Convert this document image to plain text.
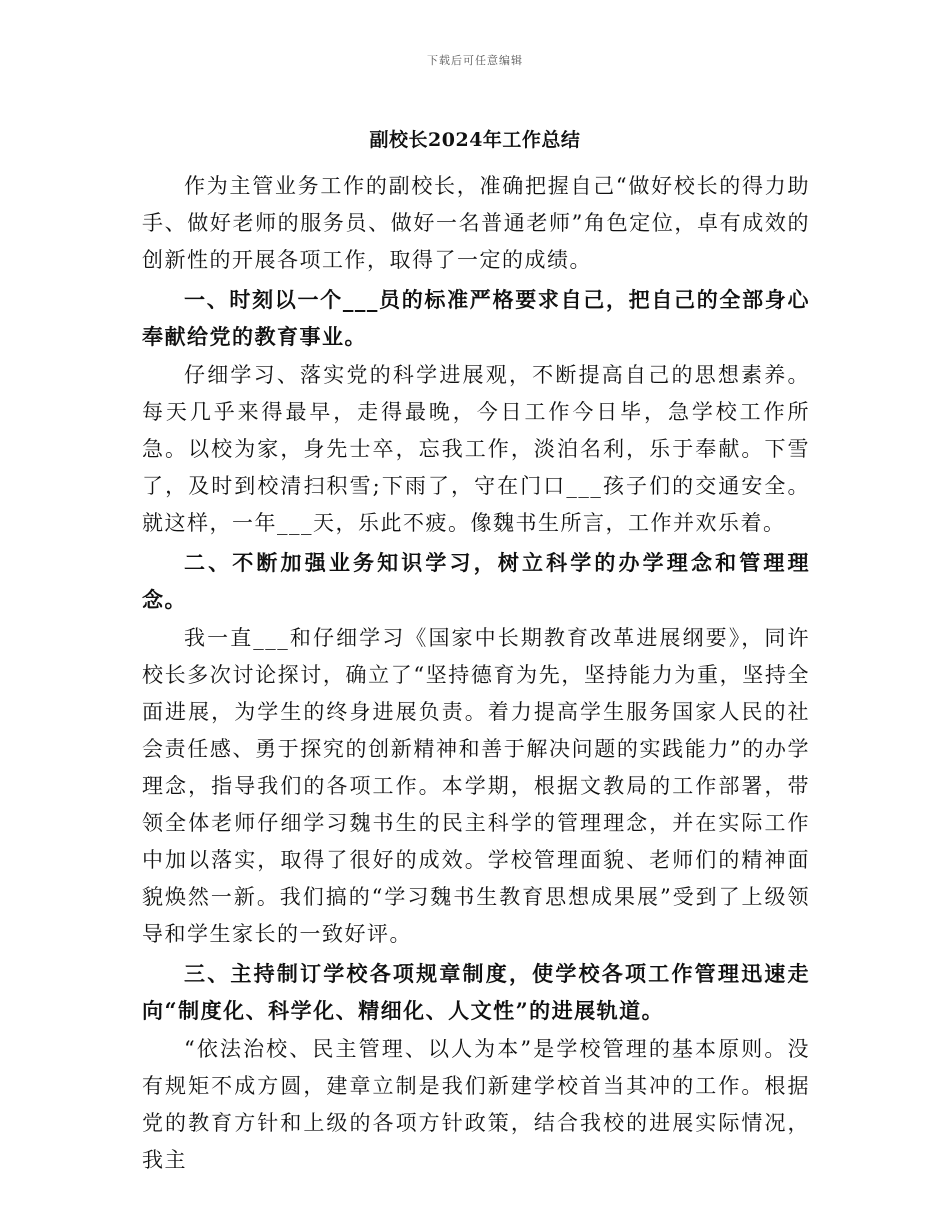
下载后可任意编辑
副校长2024年工作总结

作为主管业务工作的副校长，准确把握自己“做好校长的得力助手、做好老师的服务员、做好一名普通老师”角色定位，卓有成效的创新性的开展各项工作，取得了一定的成绩。

一、时刻以一个___员的标准严格要求自己，把自己的全部身心奉献给党的教育事业。

仔细学习、落实党的科学进展观，不断提高自己的思想素养。每天几乎来得最早，走得最晚，今日工作今日毕，急学校工作所急。以校为家，身先士卒，忘我工作，淡泊名利，乐于奉献。下雪了，及时到校清扫积雪;下雨了，守在门口___孩子们的交通安全。就这样，一年___天，乐此不疲。像魏书生所言，工作并欢乐着。

二、不断加强业务知识学习，树立科学的办学理念和管理理念。

我一直___和仔细学习《国家中长期教育改革进展纲要》，同许校长多次讨论探讨，确立了“坚持德育为先，坚持能力为重，坚持全面进展，为学生的终身进展负责。着力提高学生服务国家人民的社会责任感、勇于探究的创新精神和善于解决问题的实践能力”的办学理念，指导我们的各项工作。本学期，根据文教局的工作部署，带领全体老师仔细学习魏书生的民主科学的管理理念，并在实际工作中加以落实，取得了很好的成效。学校管理面貌、老师们的精神面貌焕然一新。我们搞的“学习魏书生教育思想成果展”受到了上级领导和学生家长的一致好评。

三、主持制订学校各项规章制度，使学校各项工作管理迅速走向“制度化、科学化、精细化、人文性”的进展轨道。

“依法治校、民主管理、以人为本”是学校管理的基本原则。没有规矩不成方圆，建章立制是我们新建学校首当其冲的工作。根据党的教育方针和上级的各项方针政策，结合我校的进展实际情况，我主
